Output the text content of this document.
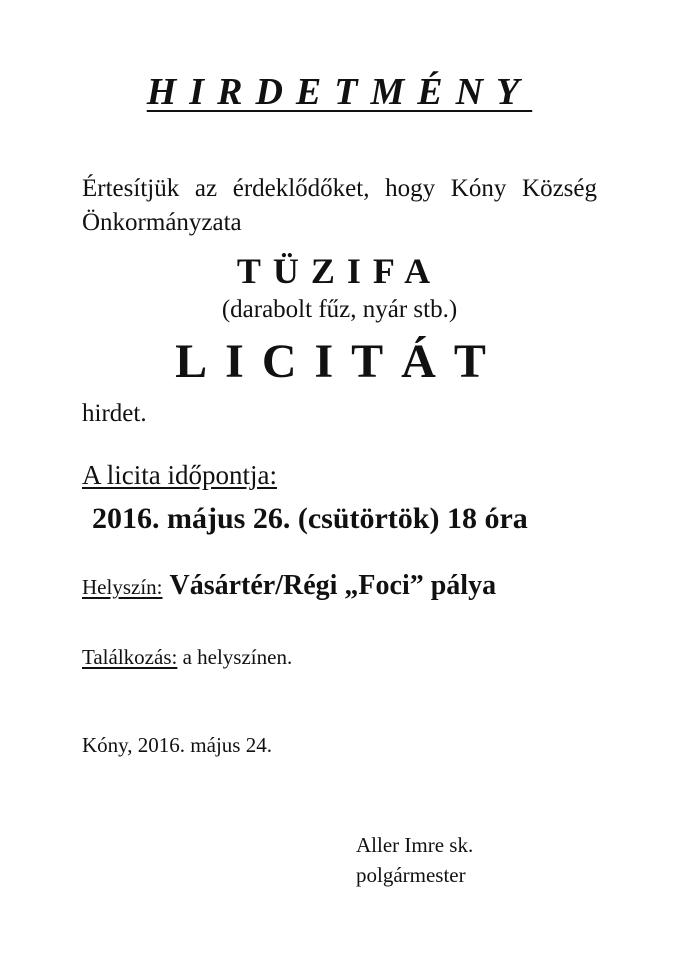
HIRDETMÉNY

Értesítjük az érdeklődőket, hogy Kóny Község Önkormányzata

TÜZIFA
(darabolt fűz, nyár stb.)
LICITÁT
hirdet.
A licita időpontja:
2016. május 26. (csütörtök) 18 óra
Helyszín: Vásártér/Régi „Foci” pálya
Találkozás: a helyszínen.
Kóny, 2016. május 24.
Aller Imre sk.
polgármester
